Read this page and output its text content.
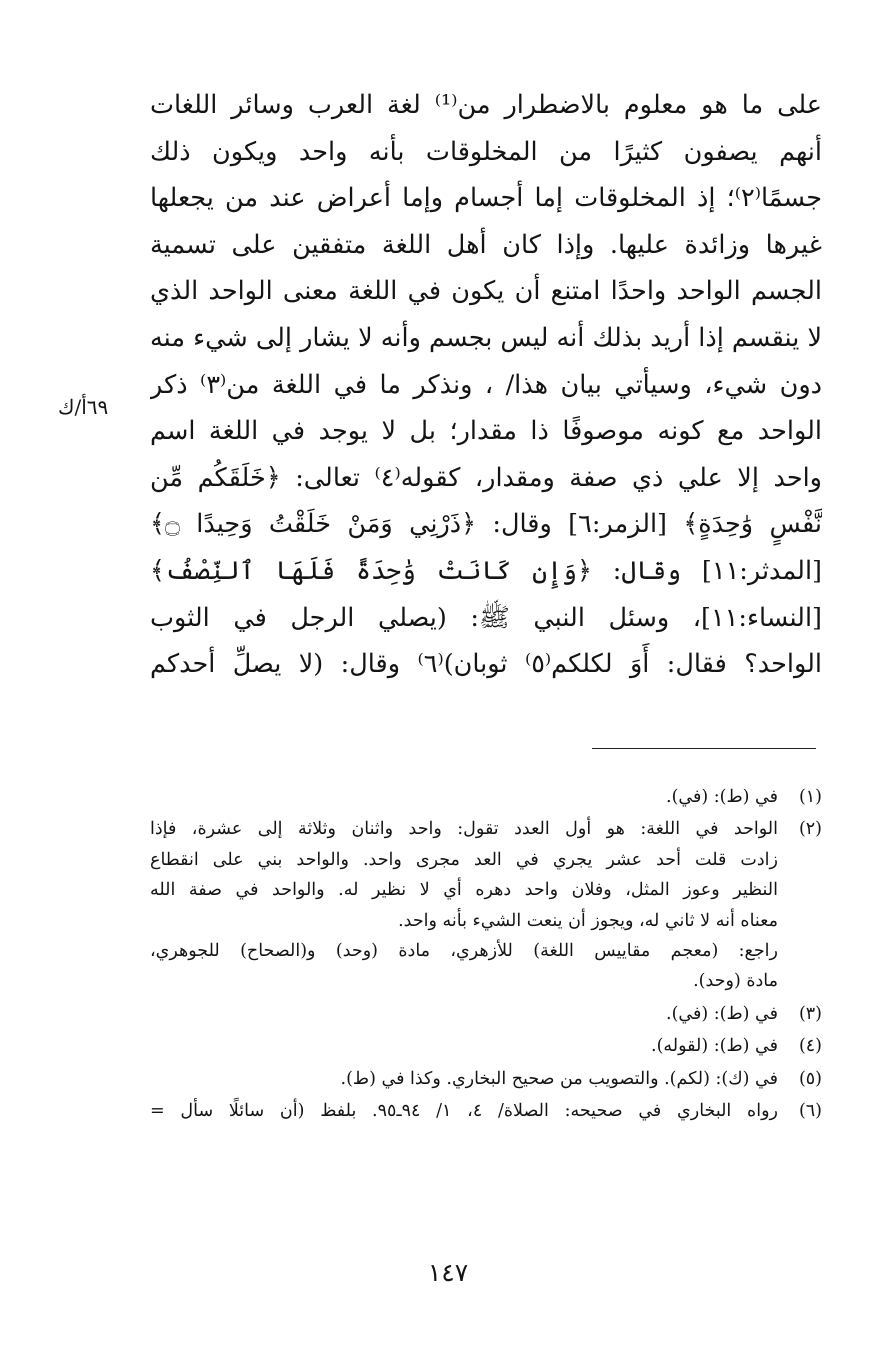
على ما هو معلوم بالاضطرار من⁽¹⁾ لغة العرب وسائر اللغات
أنهم يصفون كثيرًا من المخلوقات بأنه واحد ويكون ذلك
جسمًا⁽٢⁾؛ إذ المخلوقات إما أجسام وإما أعراض عند من يجعلها
غيرها وزائدة عليها. وإذا كان أهل اللغة متفقين على تسمية
الجسم الواحد واحدًا امتنع أن يكون في اللغة معنى الواحد الذي
لا ينقسم إذا أريد بذلك أنه ليس بجسم وأنه لا يشار إلى شيء منه
دون شيء، وسيأتي بيان هذا/ ، ونذكر ما في اللغة من⁽٣⁾ ذكر
الواحد مع كونه موصوفًا ذا مقدار؛ بل لا يوجد في اللغة اسم
واحد إلا علي ذي صفة ومقدار، كقوله⁽٤⁾ تعالى: ﴿خَلَقَكُم مِّن
نَّفْسٍ وَٰحِدَةٍ﴾ [الزمر:٦] وقال: ﴿ذَرْنِي وَمَنْ خَلَقْتُ وَحِيدًا ۝﴾
[المدثر:١١] وقال: ﴿وَإِن كَانَتْ وَٰحِدَةً فَلَهَا ٱلنِّصْفُ﴾
[النساء:١١]، وسئل النبي ﷺ: (يصلي الرجل في الثوب
الواحد؟ فقال: أَوَ لكلكم⁽٥⁾ ثوبان)⁽٦⁾ وقال: (لا يصلِّ أحدكم
٦٩أ/ك
(١)
في (ط): (في).
(٢)
الواحد في اللغة: هو أول العدد تقول: واحد واثنان وثلاثة إلى عشرة، فإذا
زادت قلت أحد عشر يجري في العد مجرى واحد. والواحد بني على انقطاع
النظير وعوز المثل، وفلان واحد دهره أي لا نظير له. والواحد في صفة الله
معناه أنه لا ثاني له، ويجوز أن ينعت الشيء بأنه واحد.
راجع: (معجم مقاييس اللغة) للأزهري، مادة (وحد) و(الصحاح) للجوهري،
مادة (وحد).
(٣)
في (ط): (في).
(٤)
في (ط): (لقوله).
(٥)
في (ك): (لكم). والتصويب من صحيح البخاري. وكذا في (ط).
(٦)
رواه البخاري في صحيحه: الصلاة/ ٤، ١/ ٩٤ـ٩٥. بلفظ (أن سائلًا سأل =
١٤٧
